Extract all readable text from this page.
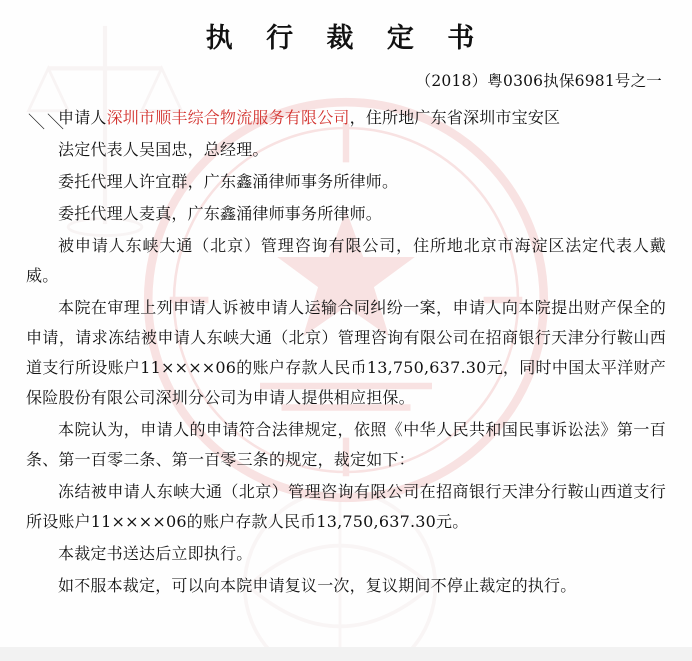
＼＼
执 行 裁 定 书
（2018）粤0306执保6981号之一

申请人深圳市顺丰综合物流服务有限公司，住所地广东省深圳市宝安区

法定代表人吴国忠，总经理。

委托代理人许宜群，广东鑫涌律师事务所律师。

委托代理人麦真，广东鑫涌律师事务所律师。

被申请人东峡大通（北京）管理咨询有限公司，住所地北京市海淀区法定代表人戴威。

本院在审理上列申请人诉被申请人运输合同纠纷一案，申请人向本院提出财产保全的申请，请求冻结被申请人东峡大通（北京）管理咨询有限公司在招商银行天津分行鞍山西道支行所设账户11××××06的账户存款人民币13,750,637.30元，同时中国太平洋财产保险股份有限公司深圳分公司为申请人提供相应担保。

本院认为，申请人的申请符合法律规定，依照《中华人民共和国民事诉讼法》第一百条、第一百零二条、第一百零三条的规定，裁定如下：

冻结被申请人东峡大通（北京）管理咨询有限公司在招商银行天津分行鞍山西道支行所设账户11××××06的账户存款人民币13,750,637.30元。

本裁定书送达后立即执行。

如不服本裁定，可以向本院申请复议一次，复议期间不停止裁定的执行。
